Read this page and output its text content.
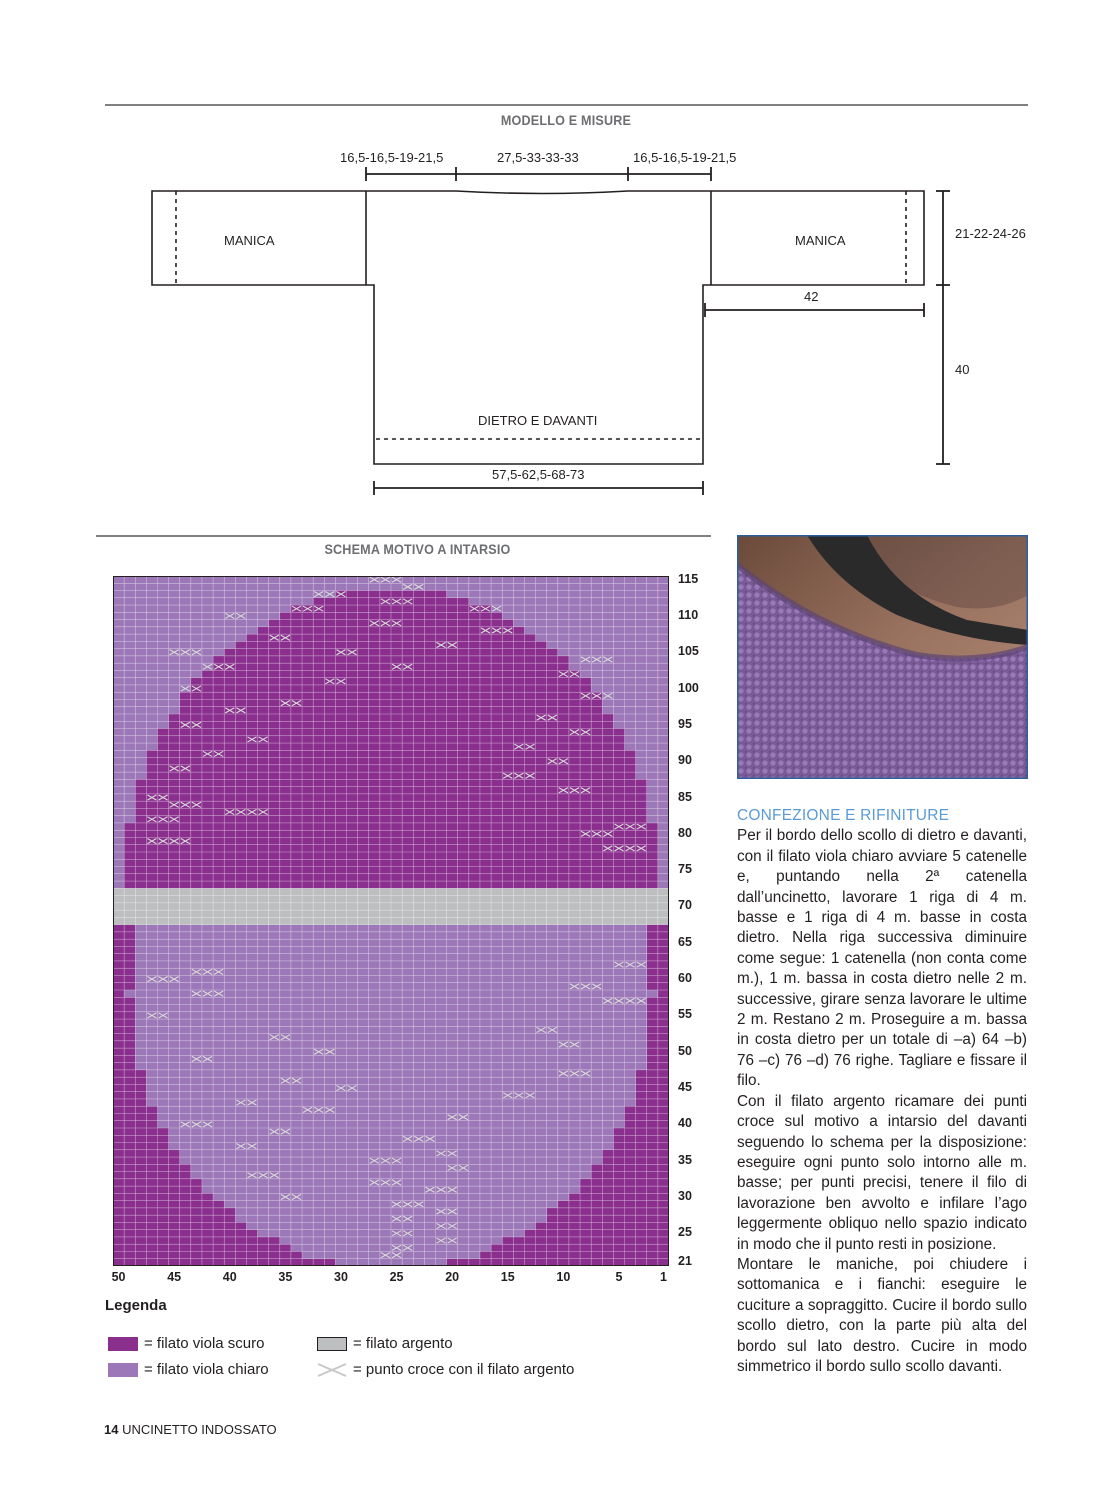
MODELLO E MISURE
16,5-16,5-19-21,5	27,5-33-33-33	16,5-16,5-19-21,5
MANICA	MANICA	21-22-24-26
42
40
DIETRO E DAVANTI
57,5-62,5-68-73
SCHEMA MOTIVO A INTARSIO
115
110
105
100
95
90
85
80
75
70
65
60
55
50
45
40
35
30
25
21
50	45	40	35	30	25	20	15	10	5	1
Legenda
= filato viola scuro	= filato argento
= filato viola chiaro	= punto croce con il filato argento
CONFEZIONE E RIFINITURE

Per il bordo dello scollo di dietro e davanti, con il filato viola chiaro avviare 5 catenelle e, puntando nella 2ª catenella dall’uncinetto, lavorare 1 riga di 4 m. basse e 1 riga di 4 m. basse in costa dietro. Nella riga successiva diminuire come segue: 1 catenella (non conta come m.), 1 m. bassa in costa dietro nelle 2 m. successive, girare senza lavorare le ultime 2 m. Restano 2 m. Proseguire a m. bassa in costa dietro per un totale di –a) 64 –b) 76 –c) 76 –d) 76 righe. Tagliare e fissare il filo.

Con il filato argento ricamare dei punti croce sul motivo a intarsio del davanti seguendo lo schema per la disposizione: eseguire ogni punto solo intorno alle m. basse; per punti precisi, tenere il filo di lavorazione ben avvolto e infilare l’ago leggermente obliquo nello spazio indicato in modo che il punto resti in posizione.

Montare le maniche, poi chiudere i sottomanica e i fianchi: eseguire le cuciture a sopraggitto. Cucire il bordo sullo scollo dietro, con la parte più alta del bordo sul lato destro. Cucire in modo simmetrico il bordo sullo scollo davanti.

14 UNCINETTO INDOSSATO
